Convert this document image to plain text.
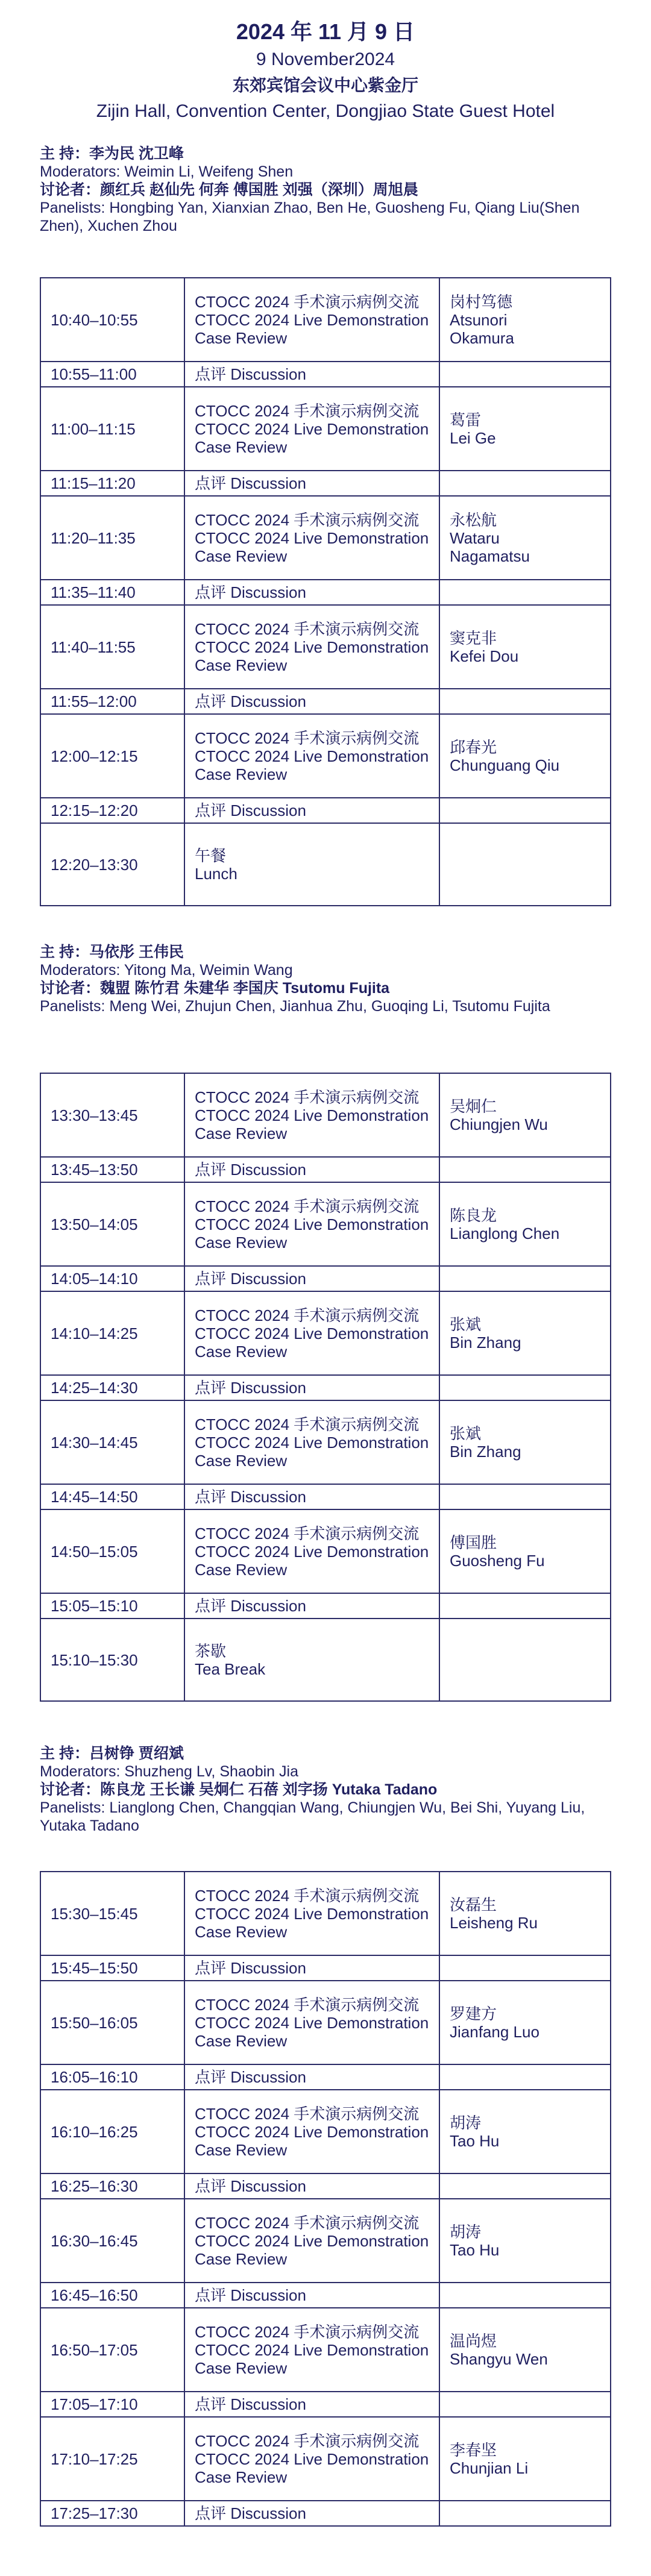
2024 年 11 月 9 日
9 November2024
东郊宾馆会议中心紫金厅
Zijin Hall, Convention Center, Dongjiao State Guest Hotel
主 持：李为民 沈卫峰
Moderators: Weimin Li, Weifeng Shen
讨论者：颜红兵 赵仙先 何奔 傅国胜 刘强（深圳）周旭晨
Panelists: Hongbing Yan, Xianxian Zhao, Ben He, Guosheng Fu, Qiang Liu(Shen Zhen), Xuchen Zhou
10:40–10:55	CTOCC 2024 手术演示病例交流
CTOCC 2024 Live Demonstration
Case Review	岗村笃德
Atsunori
Okamura

10:55–11:00	点评 Discussion	

11:00–11:15	CTOCC 2024 手术演示病例交流
CTOCC 2024 Live Demonstration
Case Review	葛雷
Lei Ge

11:15–11:20	点评 Discussion	

11:20–11:35	CTOCC 2024 手术演示病例交流
CTOCC 2024 Live Demonstration
Case Review	永松航
Wataru
Nagamatsu

11:35–11:40	点评 Discussion	

11:40–11:55	CTOCC 2024 手术演示病例交流
CTOCC 2024 Live Demonstration
Case Review	窦克非
Kefei Dou

11:55–12:00	点评 Discussion	

12:00–12:15	CTOCC 2024 手术演示病例交流
CTOCC 2024 Live Demonstration
Case Review	邱春光
Chunguang Qiu

12:15–12:20	点评 Discussion	

12:20–13:30	午餐
Lunch	

主 持：马依彤 王伟民
Moderators: Yitong Ma, Weimin Wang
讨论者：魏盟 陈竹君 朱建华 李国庆 Tsutomu Fujita
Panelists: Meng Wei, Zhujun Chen, Jianhua Zhu, Guoqing Li, Tsutomu Fujita
13:30–13:45	CTOCC 2024 手术演示病例交流
CTOCC 2024 Live Demonstration
Case Review	吴炯仁
Chiungjen Wu

13:45–13:50	点评 Discussion	

13:50–14:05	CTOCC 2024 手术演示病例交流
CTOCC 2024 Live Demonstration
Case Review	陈良龙
Lianglong Chen

14:05–14:10	点评 Discussion	

14:10–14:25	CTOCC 2024 手术演示病例交流
CTOCC 2024 Live Demonstration
Case Review	张斌
Bin Zhang

14:25–14:30	点评 Discussion	

14:30–14:45	CTOCC 2024 手术演示病例交流
CTOCC 2024 Live Demonstration
Case Review	张斌
Bin Zhang

14:45–14:50	点评 Discussion	

14:50–15:05	CTOCC 2024 手术演示病例交流
CTOCC 2024 Live Demonstration
Case Review	傅国胜
Guosheng Fu

15:05–15:10	点评 Discussion	

15:10–15:30	茶歇
Tea Break	

主 持：吕树铮 贾绍斌
Moderators: Shuzheng Lv, Shaobin Jia
讨论者：陈良龙 王长谦 吴炯仁 石蓓 刘字扬 Yutaka Tadano
Panelists: Lianglong Chen, Changqian Wang, Chiungjen Wu, Bei Shi, Yuyang Liu, Yutaka Tadano
15:30–15:45	CTOCC 2024 手术演示病例交流
CTOCC 2024 Live Demonstration
Case Review	汝磊生
Leisheng Ru

15:45–15:50	点评 Discussion	

15:50–16:05	CTOCC 2024 手术演示病例交流
CTOCC 2024 Live Demonstration
Case Review	罗建方
Jianfang Luo

16:05–16:10	点评 Discussion	

16:10–16:25	CTOCC 2024 手术演示病例交流
CTOCC 2024 Live Demonstration
Case Review	胡涛
Tao Hu

16:25–16:30	点评 Discussion	

16:30–16:45	CTOCC 2024 手术演示病例交流
CTOCC 2024 Live Demonstration
Case Review	胡涛
Tao Hu

16:45–16:50	点评 Discussion	

16:50–17:05	CTOCC 2024 手术演示病例交流
CTOCC 2024 Live Demonstration
Case Review	温尚煜
Shangyu Wen

17:05–17:10	点评 Discussion	

17:10–17:25	CTOCC 2024 手术演示病例交流
CTOCC 2024 Live Demonstration
Case Review	李春坚
Chunjian Li

17:25–17:30	点评 Discussion	
